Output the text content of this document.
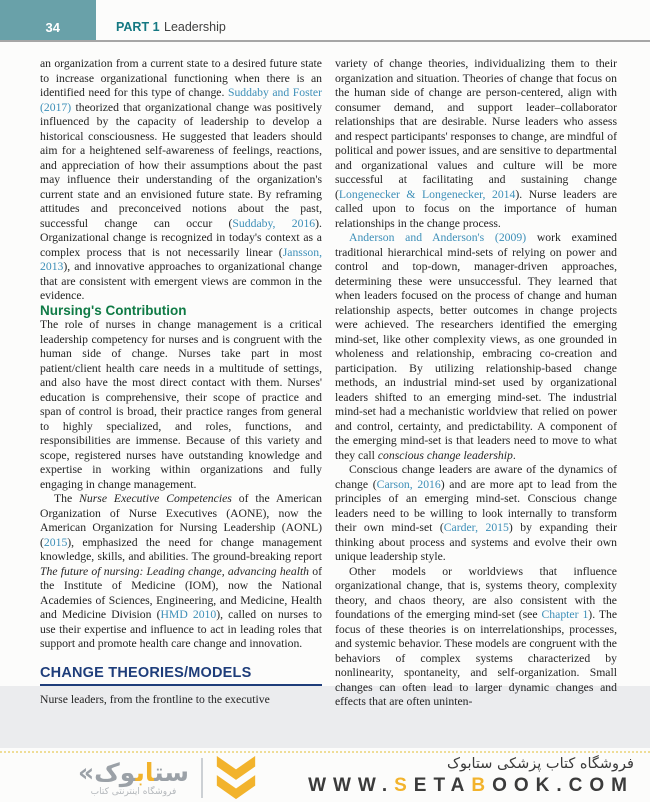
34	PART 1 Leadership

an organization from a current state to a desired future state to increase organizational functioning when there is an identified need for this type of change. Suddaby and Foster (2017) theorized that organizational change was positively influenced by the capacity of leadership to develop a historical consciousness. He suggested that leaders should aim for a heightened self-awareness of feelings, reactions, and appreciation of how their assumptions about the past may influence their understanding of the organization's current state and an envisioned future state. By reframing attitudes and preconceived notions about the past, successful change can occur (Suddaby, 2016). Organizational change is recognized in today's context as a complex process that is not necessarily linear (Jansson, 2013), and innovative approaches to organizational change that are consistent with emergent views are common in the evidence.

Nursing's Contribution

The role of nurses in change management is a critical leadership competency for nurses and is congruent with the human side of change. Nurses take part in most patient/client health care needs in a multitude of settings, and also have the most direct contact with them. Nurses' education is comprehensive, their scope of practice and span of control is broad, their practice ranges from general to highly specialized, and roles, functions, and responsibilities are immense. Because of this variety and scope, registered nurses have outstanding knowledge and expertise in working within organizations and fully engaging in change management.

The Nurse Executive Competencies of the American Organization of Nurse Executives (AONE), now the American Organization for Nursing Leadership (AONL) (2015), emphasized the need for change management knowledge, skills, and abilities. The ground-breaking report The future of nursing: Leading change, advancing health of the Institute of Medicine (IOM), now the National Academies of Sciences, Engineering, and Medicine, Health and Medicine Division (HMD 2010), called on nurses to use their expertise and influence to act in leading roles that support and promote health care change and innovation.

CHANGE THEORIES/MODELS

Nurse leaders, from the frontline to the executive

variety of change theories, individualizing them to their organization and situation. Theories of change that focus on the human side of change are person-centered, align with consumer demand, and support leader–collaborator relationships that are desirable. Nurse leaders who assess and respect participants' responses to change, are mindful of political and power issues, and are sensitive to departmental and organizational values and culture will be more successful at facilitating and sustaining change (Longenecker & Longenecker, 2014). Nurse leaders are called upon to focus on the importance of human relationships in the change process.

Anderson and Anderson's (2009) work examined traditional hierarchical mind-sets of relying on power and control and top-down, manager-driven approaches, determining these were unsuccessful. They learned that when leaders focused on the process of change and human relationship aspects, better outcomes in change projects were achieved. The researchers identified the emerging mind-set, like other complexity views, as one grounded in wholeness and relationship, embracing co-creation and participation. By utilizing relationship-based change methods, an industrial mind-set used by organizational leaders shifted to an emerging mind-set. The industrial mind-set had a mechanistic worldview that relied on power and control, certainty, and predictability. A component of the emerging mind-set is that leaders need to move to what they call conscious change leadership.

Conscious change leaders are aware of the dynamics of change (Carson, 2016) and are more apt to lead from the principles of an emerging mind-set. Conscious change leaders need to be willing to look internally to transform their own mind-set (Carder, 2015) by expanding their thinking about process and systems and evolve their own unique leadership style.

Other models or worldviews that influence organizational change, that is, systems theory, complexity theory, and chaos theory, are also consistent with the foundations of the emerging mind-set (see Chapter 1). The focus of these theories is on interrelationships, processes, and systemic behavior. These models are congruent with the behaviors of complex systems characterized by nonlinearity, spontaneity, and self-organization. Small changes can often lead to larger dynamic changes and effects that are often uninten-

« ستابوک
فروشگاه اینترنتی کتاب
فروشگاه کتاب پزشکی ستابوک
WWW.SETABOOK.COM
